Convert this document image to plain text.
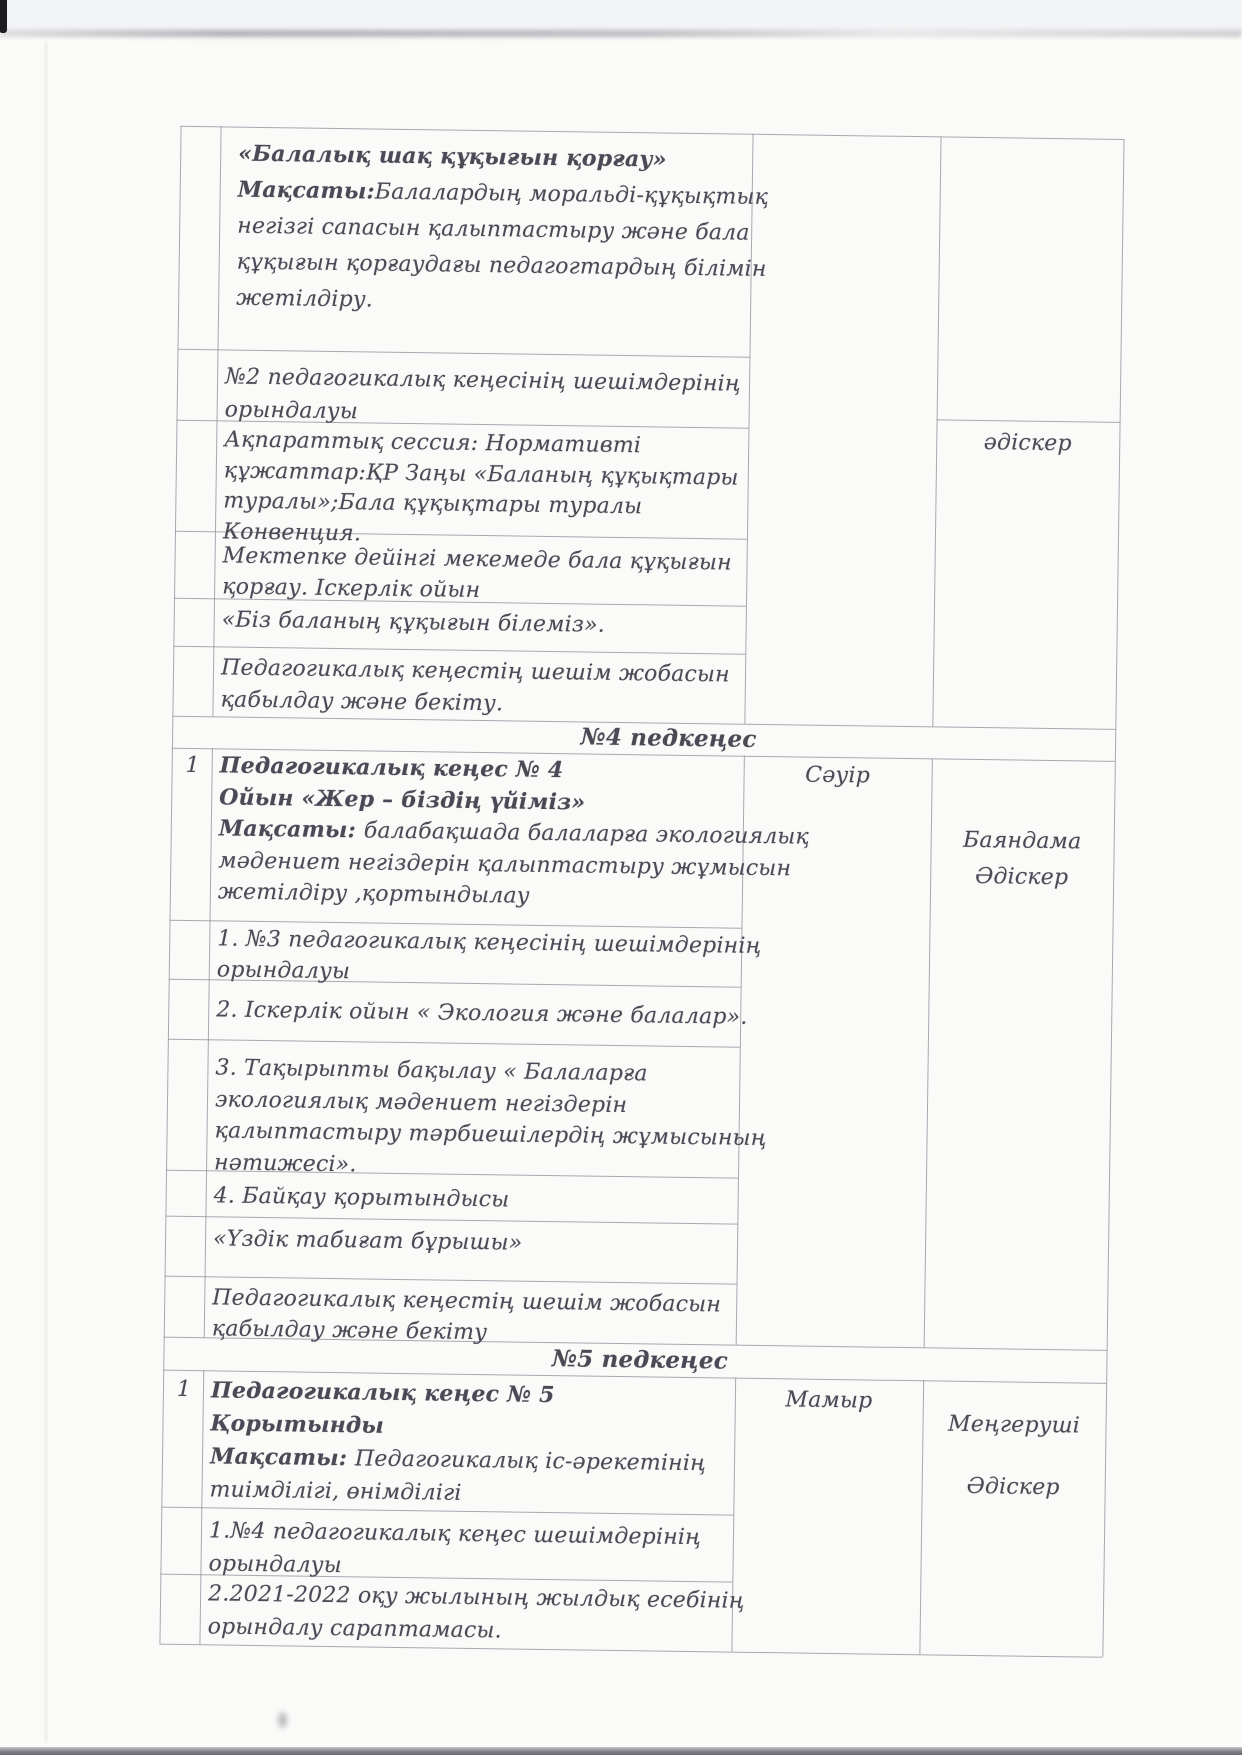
«Балалық шақ құқығын қорғау»
Мақсаты:Балалардың моральді-құқықтық
негізгі сапасын қалыптастыру және бала
құқығын қорғаудағы педагогтардың білімін
жетілдіру.
№2 педагогикалық кеңесінің шешімдерінің
орындалуы
Ақпараттық сессия: Нормативті
құжаттар:ҚР Заңы «Баланың құқықтары
туралы»;Бала құқықтары туралы
Конвенция.
Мектепке дейінгі мекемеде бала құқығын
қорғау. Іскерлік ойын
«Біз баланың құқығын білеміз».
Педагогикалық кеңестің шешім жобасын
қабылдау және бекіту.
әдіскер
№4 педкеңес
1 Педагогикалық кеңес № 4
Ойын «Жер – біздің үйіміз»
Мақсаты: балабақшада балаларға экологиялық
мәдениет негіздерін қалыптастыру жұмысын
жетілдіру ,қортындылау
1. №3 педагогикалық кеңесінің шешімдерінің
орындалуы
2. Іскерлік ойын « Экология және балалар».
3. Тақырыпты бақылау « Балаларға
экологиялық мәдениет негіздерін
қалыптастыру тәрбиешілердің жұмысының
нәтижесі».
4. Байқау қорытындысы
«Үздік табиғат бұрышы»
Педагогикалық кеңестің шешім жобасын
қабылдау және бекіту
Сәуір
Баяндама
Әдіскер
№5 педкеңес
1 Педагогикалық кеңес № 5
Қорытынды
Мақсаты: Педагогикалық іс-әрекетінің
тиімділігі, өнімділігі
1.№4 педагогикалық кеңес шешімдерінің
орындалуы
2.2021-2022 оқу жылының жылдық есебінің
орындалу сараптамасы.
Мамыр
Меңгеруші
Әдіскер
